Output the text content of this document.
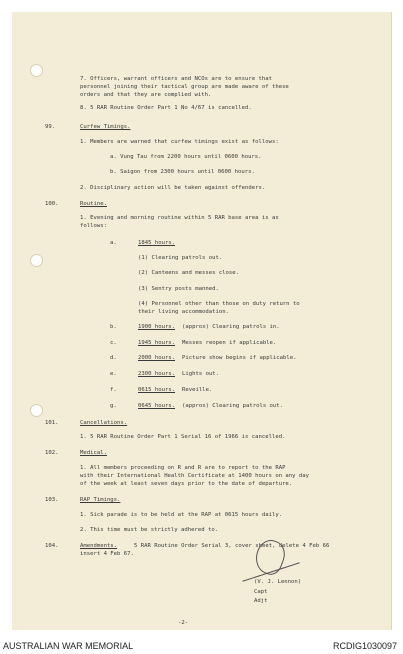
7. Officers, warrant officers and NCOs are to ensure that
personnel joining their tactical group are made aware of these
orders and that they are complied with.
8. 5 RAR Routine Order Part 1 No 4/67 is cancelled.
99.	Curfew Timings.
1. Members are warned that curfew timings exist as follows:
a. Vung Tau from 2200 hours until 0600 hours.
b. Saigon from 2300 hours until 0600 hours.
2. Disciplinary action will be taken against offenders.
100.	Routine.
1. Evening and morning routine within 5 RAR base area is as
follows:
a.	1845 hours.
(1) Clearing patrols out.
(2) Canteens and messes close.
(3) Sentry posts manned.
(4) Personnel other than those on duty return to
their living accommodation.
b.	1900 hours. (approx) Clearing patrols in.
c.	1945 hours. Messes reopen if applicable.
d.	2000 hours. Picture show begins if applicable.
e.	2300 hours. Lights out.
f.	0615 hours. Reveille.
g.	0645 hours. (approx) Clearing patrols out.
101.	Cancellations.
1. 5 RAR Routine Order Part 1 Serial 16 of 1966 is cancelled.
102.	Medical.
1. All members proceeding on R and R are to report to the RAP
with their International Health Certificate at 1400 hours on any day
of the week at least seven days prior to the date of departure.
103.	RAP Timings.
1. Sick parade is to be held at the RAP at 0615 hours daily.
2. This time must be strictly adhered to.
104.	Amendments.	5 RAR Routine Order Serial 3, cover sheet, delete 4 Feb 66
insert 4 Feb 67.
(V. J. Lennon)
Capt
Adjt
-2-
AUSTRALIAN WAR MEMORIAL	RCDIG1030097
